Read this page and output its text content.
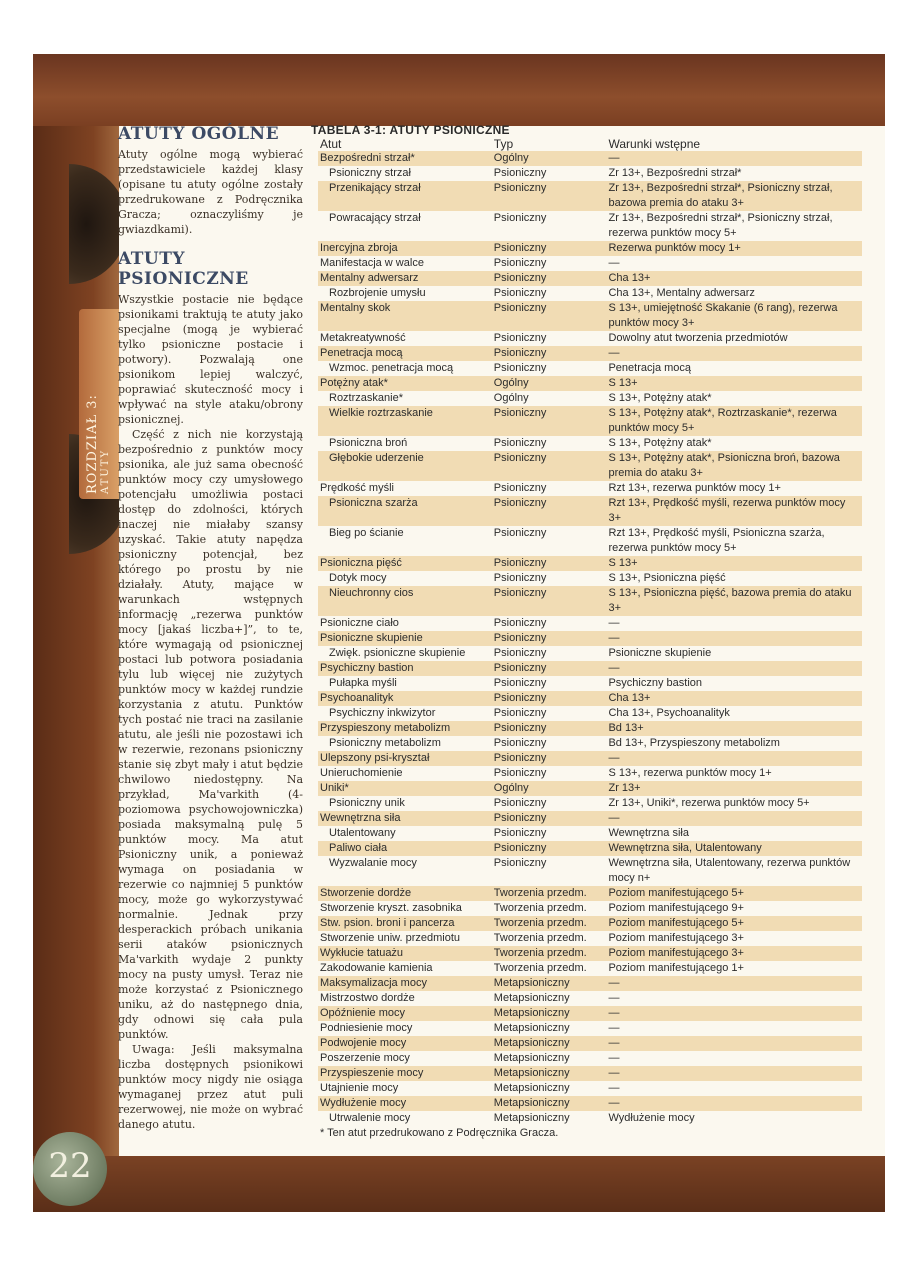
ROZDZIAŁ 3: ATUTY
22
ATUTY OGÓLNE

Atuty ogólne mogą wybierać przedstawiciele każdej klasy (opisane tu atuty ogólne zostały przedrukowane z Podręcznika Gracza; oznaczyliśmy je gwiazdkami).

ATUTY PSIONICZNE

Wszystkie postacie nie będące psionikami traktują te atuty jako specjalne (mogą je wybierać tylko psioniczne postacie i potwory). Pozwalają one psionikom lepiej walczyć, poprawiać skuteczność mocy i wpływać na style ataku/obrony psionicznej.

Część z nich nie korzystają bezpośrednio z punktów mocy psionika, ale już sama obecność punktów mocy czy umysłowego potencjału umożliwia postaci dostęp do zdolności, których inaczej nie miałaby szansy uzyskać. Takie atuty napędza psioniczny potencjał, bez którego po prostu by nie działały. Atuty, mające w warunkach wstępnych informację „rezerwa punktów mocy [jakaś liczba+]”, to te, które wymagają od psionicznej postaci lub potwora posiadania tylu lub więcej nie zużytych punktów mocy w każdej rundzie korzystania z atutu. Punktów tych postać nie traci na zasilanie atutu, ale jeśli nie pozostawi ich w rezerwie, rezonans psioniczny stanie się zbyt mały i atut będzie chwilowo niedostępny. Na przykład, Ma'varkith (4-poziomowa psychowojowniczka) posiada maksymalną pulę 5 punktów mocy. Ma atut Psioniczny unik, a ponieważ wymaga on posiadania w rezerwie co najmniej 5 punktów mocy, może go wykorzystywać normalnie. Jednak przy desperackich próbach unikania serii ataków psionicznych Ma'varkith wydaje 2 punkty mocy na pusty umysł. Teraz nie może korzystać z Psionicznego uniku, aż do następnego dnia, gdy odnowi się cała pula punktów.

Uwaga: Jeśli maksymalna liczba dostępnych psionikowi punktów mocy nigdy nie osiąga wymaganej przez atut puli rezerwowej, nie może on wybrać danego atutu.

TABELA 3-1: ATUTY PSIONICZNE
Atut	Typ	Warunki wstępne
Bezpośredni strzał*	Ogólny	—
Psioniczny strzał	Psioniczny	Zr 13+, Bezpośredni strzał*
Przenikający strzał	Psioniczny	Zr 13+, Bezpośredni strzał*, Psioniczny strzał, bazowa premia do ataku 3+
Powracający strzał	Psioniczny	Zr 13+, Bezpośredni strzał*, Psioniczny strzał, rezerwa punktów mocy 5+
Inercyjna zbroja	Psioniczny	Rezerwa punktów mocy 1+
Manifestacja w walce	Psioniczny	—
Mentalny adwersarz	Psioniczny	Cha 13+
Rozbrojenie umysłu	Psioniczny	Cha 13+, Mentalny adwersarz
Mentalny skok	Psioniczny	S 13+, umiejętność Skakanie (6 rang), rezerwa punktów mocy 3+
Metakreatywność	Psioniczny	Dowolny atut tworzenia przedmiotów
Penetracja mocą	Psioniczny	—
Wzmoc. penetracja mocą	Psioniczny	Penetracja mocą
Potężny atak*	Ogólny	S 13+
Roztrzaskanie*	Ogólny	S 13+, Potężny atak*
Wielkie roztrzaskanie	Psioniczny	S 13+, Potężny atak*, Roztrzaskanie*, rezerwa punktów mocy 5+
Psioniczna broń	Psioniczny	S 13+, Potężny atak*
Głębokie uderzenie	Psioniczny	S 13+, Potężny atak*, Psioniczna broń, bazowa premia do ataku 3+
Prędkość myśli	Psioniczny	Rzt 13+, rezerwa punktów mocy 1+
Psioniczna szarża	Psioniczny	Rzt 13+, Prędkość myśli, rezerwa punktów mocy 3+
Bieg po ścianie	Psioniczny	Rzt 13+, Prędkość myśli, Psioniczna szarża, rezerwa punktów mocy 5+
Psioniczna pięść	Psioniczny	S 13+
Dotyk mocy	Psioniczny	S 13+, Psioniczna pięść
Nieuchronny cios	Psioniczny	S 13+, Psioniczna pięść, bazowa premia do ataku 3+
Psioniczne ciało	Psioniczny	—
Psioniczne skupienie	Psioniczny	—
Zwięk. psioniczne skupienie	Psioniczny	Psioniczne skupienie
Psychiczny bastion	Psioniczny	—
Pułapka myśli	Psioniczny	Psychiczny bastion
Psychoanalityk	Psioniczny	Cha 13+
Psychiczny inkwizytor	Psioniczny	Cha 13+, Psychoanalityk
Przyspieszony metabolizm	Psioniczny	Bd 13+
Psioniczny metabolizm	Psioniczny	Bd 13+, Przyspieszony metabolizm
Ulepszony psi-kryształ	Psioniczny	—
Unieruchomienie	Psioniczny	S 13+, rezerwa punktów mocy 1+
Uniki*	Ogólny	Zr 13+
Psioniczny unik	Psioniczny	Zr 13+, Uniki*, rezerwa punktów mocy 5+
Wewnętrzna siła	Psioniczny	—
Utalentowany	Psioniczny	Wewnętrzna siła
Paliwo ciała	Psioniczny	Wewnętrzna siła, Utalentowany
Wyzwalanie mocy	Psioniczny	Wewnętrzna siła, Utalentowany, rezerwa punktów mocy n+
Stworzenie dordże	Tworzenia przedm.	Poziom manifestującego 5+
Stworzenie kryszt. zasobnika	Tworzenia przedm.	Poziom manifestującego 9+
Stw. psion. broni i pancerza	Tworzenia przedm.	Poziom manifestującego 5+
Stworzenie uniw. przedmiotu	Tworzenia przedm.	Poziom manifestującego 3+
Wykłucie tatuażu	Tworzenia przedm.	Poziom manifestującego 3+
Zakodowanie kamienia	Tworzenia przedm.	Poziom manifestującego 1+
Maksymalizacja mocy	Metapsioniczny	—
Mistrzostwo dordże	Metapsioniczny	—
Opóźnienie mocy	Metapsioniczny	—
Podniesienie mocy	Metapsioniczny	—
Podwojenie mocy	Metapsioniczny	—
Poszerzenie mocy	Metapsioniczny	—
Przyspieszenie mocy	Metapsioniczny	—
Utajnienie mocy	Metapsioniczny	—
Wydłużenie mocy	Metapsioniczny	—
Utrwalenie mocy	Metapsioniczny	Wydłużenie mocy
* Ten atut przedrukowano z Podręcznika Gracza.
